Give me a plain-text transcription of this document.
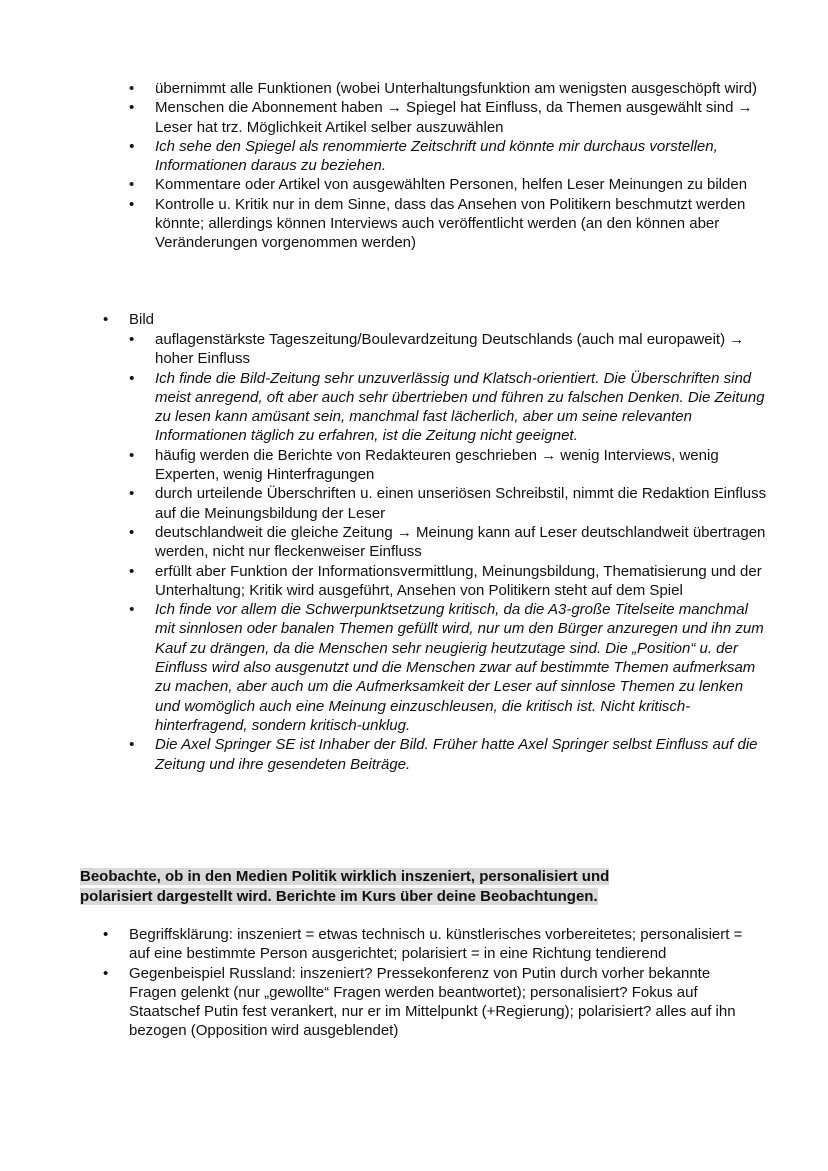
• übernimmt alle Funktionen (wobei Unterhaltungsfunktion am wenigsten ausgeschöpft wird)
• Menschen die Abonnement haben → Spiegel hat Einfluss, da Themen ausgewählt sind → Leser hat trz. Möglichkeit Artikel selber auszuwählen
• Ich sehe den Spiegel als renommierte Zeitschrift und könnte mir durchaus vorstellen, Informationen daraus zu beziehen.
• Kommentare oder Artikel von ausgewählten Personen, helfen Leser Meinungen zu bilden
• Kontrolle u. Kritik nur in dem Sinne, dass das Ansehen von Politikern beschmutzt werden könnte; allerdings können Interviews auch veröffentlicht werden (an den können aber Veränderungen vorgenommen werden)
• Bild
• auflagenstärkste Tageszeitung/Boulevardzeitung Deutschlands (auch mal europaweit) → hoher Einfluss
• Ich finde die Bild-Zeitung sehr unzuverlässig und Klatsch-orientiert. Die Überschriften sind meist anregend, oft aber auch sehr übertrieben und führen zu falschen Denken. Die Zeitung zu lesen kann amüsant sein, manchmal fast lächerlich, aber um seine relevanten Informationen täglich zu erfahren, ist die Zeitung nicht geeignet.
• häufig werden die Berichte von Redakteuren geschrieben → wenig Interviews, wenig Experten, wenig Hinterfragungen
• durch urteilende Überschriften u. einen unseriösen Schreibstil, nimmt die Redaktion Einfluss auf die Meinungsbildung der Leser
• deutschlandweit die gleiche Zeitung → Meinung kann auf Leser deutschlandweit übertragen werden, nicht nur fleckenweiser Einfluss
• erfüllt aber Funktion der Informationsvermittlung, Meinungsbildung, Thematisierung und der Unterhaltung; Kritik wird ausgeführt, Ansehen von Politikern steht auf dem Spiel
• Ich finde vor allem die Schwerpunktsetzung kritisch, da die A3-große Titelseite manchmal mit sinnlosen oder banalen Themen gefüllt wird, nur um den Bürger anzuregen und ihn zum Kauf zu drängen, da die Menschen sehr neugierig heutzutage sind. Die „Position“ u. der Einfluss wird also ausgenutzt und die Menschen zwar auf bestimmte Themen aufmerksam zu machen, aber auch um die Aufmerksamkeit der Leser auf sinnlose Themen zu lenken und womöglich auch eine Meinung einzuschleusen, die kritisch ist. Nicht kritisch-hinterfragend, sondern kritisch-unklug.
• Die Axel Springer SE ist Inhaber der Bild. Früher hatte Axel Springer selbst Einfluss auf die Zeitung und ihre gesendeten Beiträge.
Beobachte, ob in den Medien Politik wirklich inszeniert, personalisiert und
polarisiert dargestellt wird. Berichte im Kurs über deine Beobachtungen.
• Begriffsklärung: inszeniert = etwas technisch u. künstlerisches vorbereitetes; personalisiert = auf eine bestimmte Person ausgerichtet; polarisiert = in eine Richtung tendierend
• Gegenbeispiel Russland: inszeniert? Pressekonferenz von Putin durch vorher bekannte Fragen gelenkt (nur „gewollte“ Fragen werden beantwortet); personalisiert? Fokus auf Staatschef Putin fest verankert, nur er im Mittelpunkt (+Regierung); polarisiert? alles auf ihn bezogen (Opposition wird ausgeblendet)
